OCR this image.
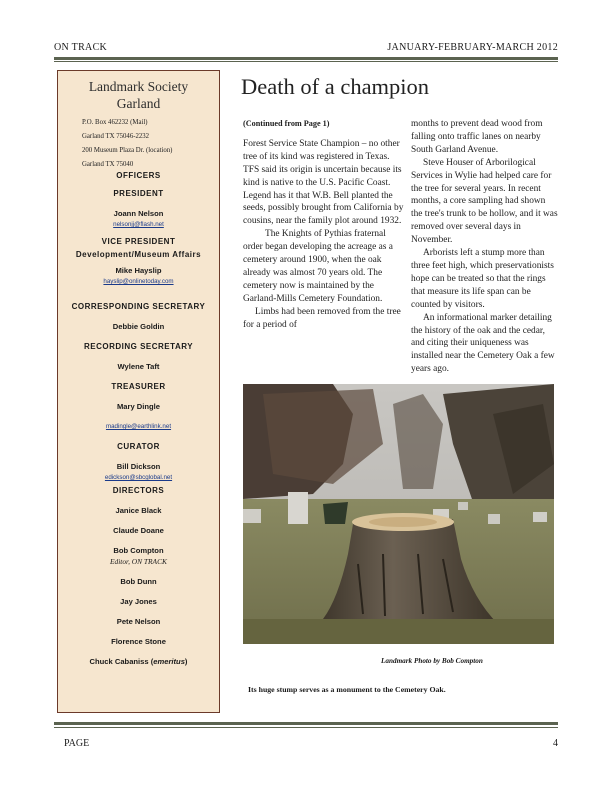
ON TRACK	JANUARY-FEBRUARY-MARCH 2012
Landmark Society
Garland
P.O. Box 462232 (Mail)
Garland TX 75046-2232
200 Museum Plaza Dr. (location)
Garland TX 75040
OFFICERS
PRESIDENT
Joann Nelson
nelsonjj@flash.net
VICE PRESIDENT
Development/Museum Affairs
Mike Hayslip
hayslip@onlinetoday.com
CORRESPONDING SECRETARY
Debbie Goldin
RECORDING SECRETARY
Wylene Taft
TREASURER
Mary Dingle
madingle@earthlink.net
CURATOR
Bill Dickson
edickson@sbcglobal.net
DIRECTORS
Janice Black
Claude Doane
Bob Compton
Editor, ON TRACK
Bob Dunn
Jay Jones
Pete Nelson
Florence Stone
Chuck Cabaniss (emeritus)
Death of a champion
(Continued from Page 1)

Forest Service State Champion – no other tree of its kind was registered in Texas. TFS said its origin is uncertain because its kind is native to the U.S. Pacific Coast. Legend has it that W.B. Bell planted the seeds, possibly brought from California by cousins, near the family plot around 1932.

The Knights of Pythias fraternal order began developing the acreage as a cemetery around 1900, when the oak already was almost 70 years old. The cemetery now is maintained by the Garland-Mills Cemetery Foundation.

Limbs had been removed from the tree for a period of

months to prevent dead wood from falling onto traffic lanes on nearby South Garland Avenue.

Steve Houser of Arborilogical Services in Wylie had helped care for the tree for several years. In recent months, a core sampling had shown the tree's trunk to be hollow, and it was removed over several days in November.

Arborists left a stump more than three feet high, which preservationists hope can be treated so that the rings that measure its life span can be counted by visitors.

An informational marker detailing the history of the oak and the cedar, and citing their uniqueness was installed near the Cemetery Oak a few years ago.

Landmark Photo by Bob Compton
Its huge stump serves as a monument to the Cemetery Oak.
PAGE	4
